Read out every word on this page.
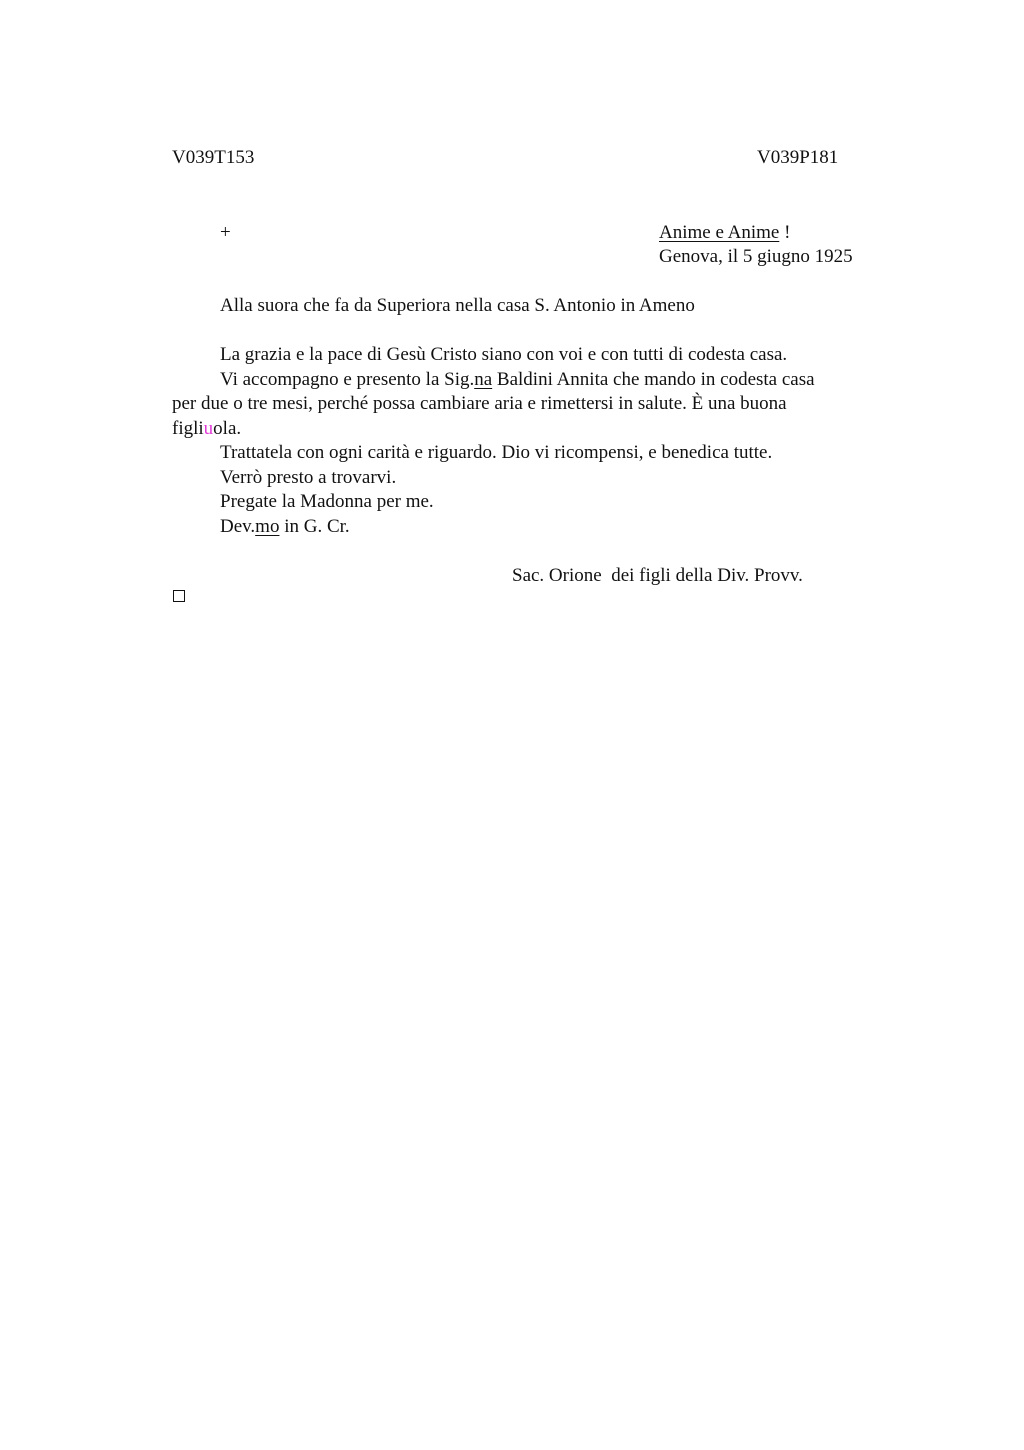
V039T153	V039P181
+	Anime e Anime !
Genova, il 5 giugno 1925
Alla suora che fa da Superiora nella casa S. Antonio in Ameno
La grazia e la pace di Gesù Cristo siano con voi e con tutti di codesta casa.
Vi accompagno e presento la Sig.na Baldini Annita che mando in codesta casa
per due o tre mesi, perché possa cambiare aria e rimettersi in salute. È una buona
figliuola.
Trattatela con ogni carità e riguardo. Dio vi ricompensi, e benedica tutte.
Verrò presto a trovarvi.
Pregate la Madonna per me.
Dev.mo in G. Cr.
Sac. Orione  dei figli della Div. Provv.
